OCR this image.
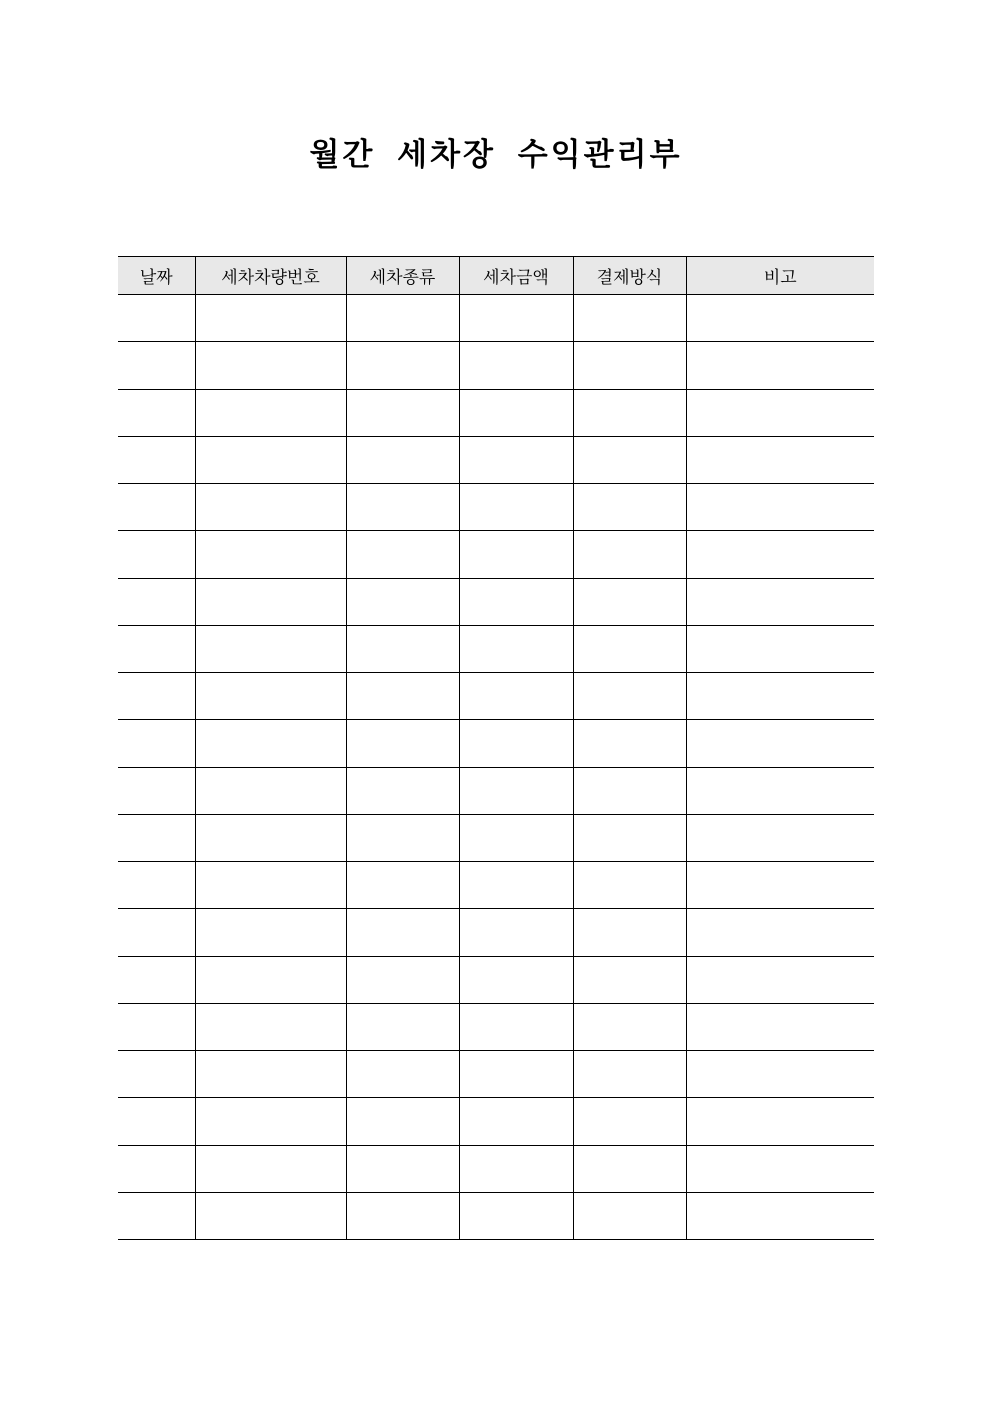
월간 세차장 수익관리부
날짜	세차차량번호	세차종류	세차금액	결제방식	비고
